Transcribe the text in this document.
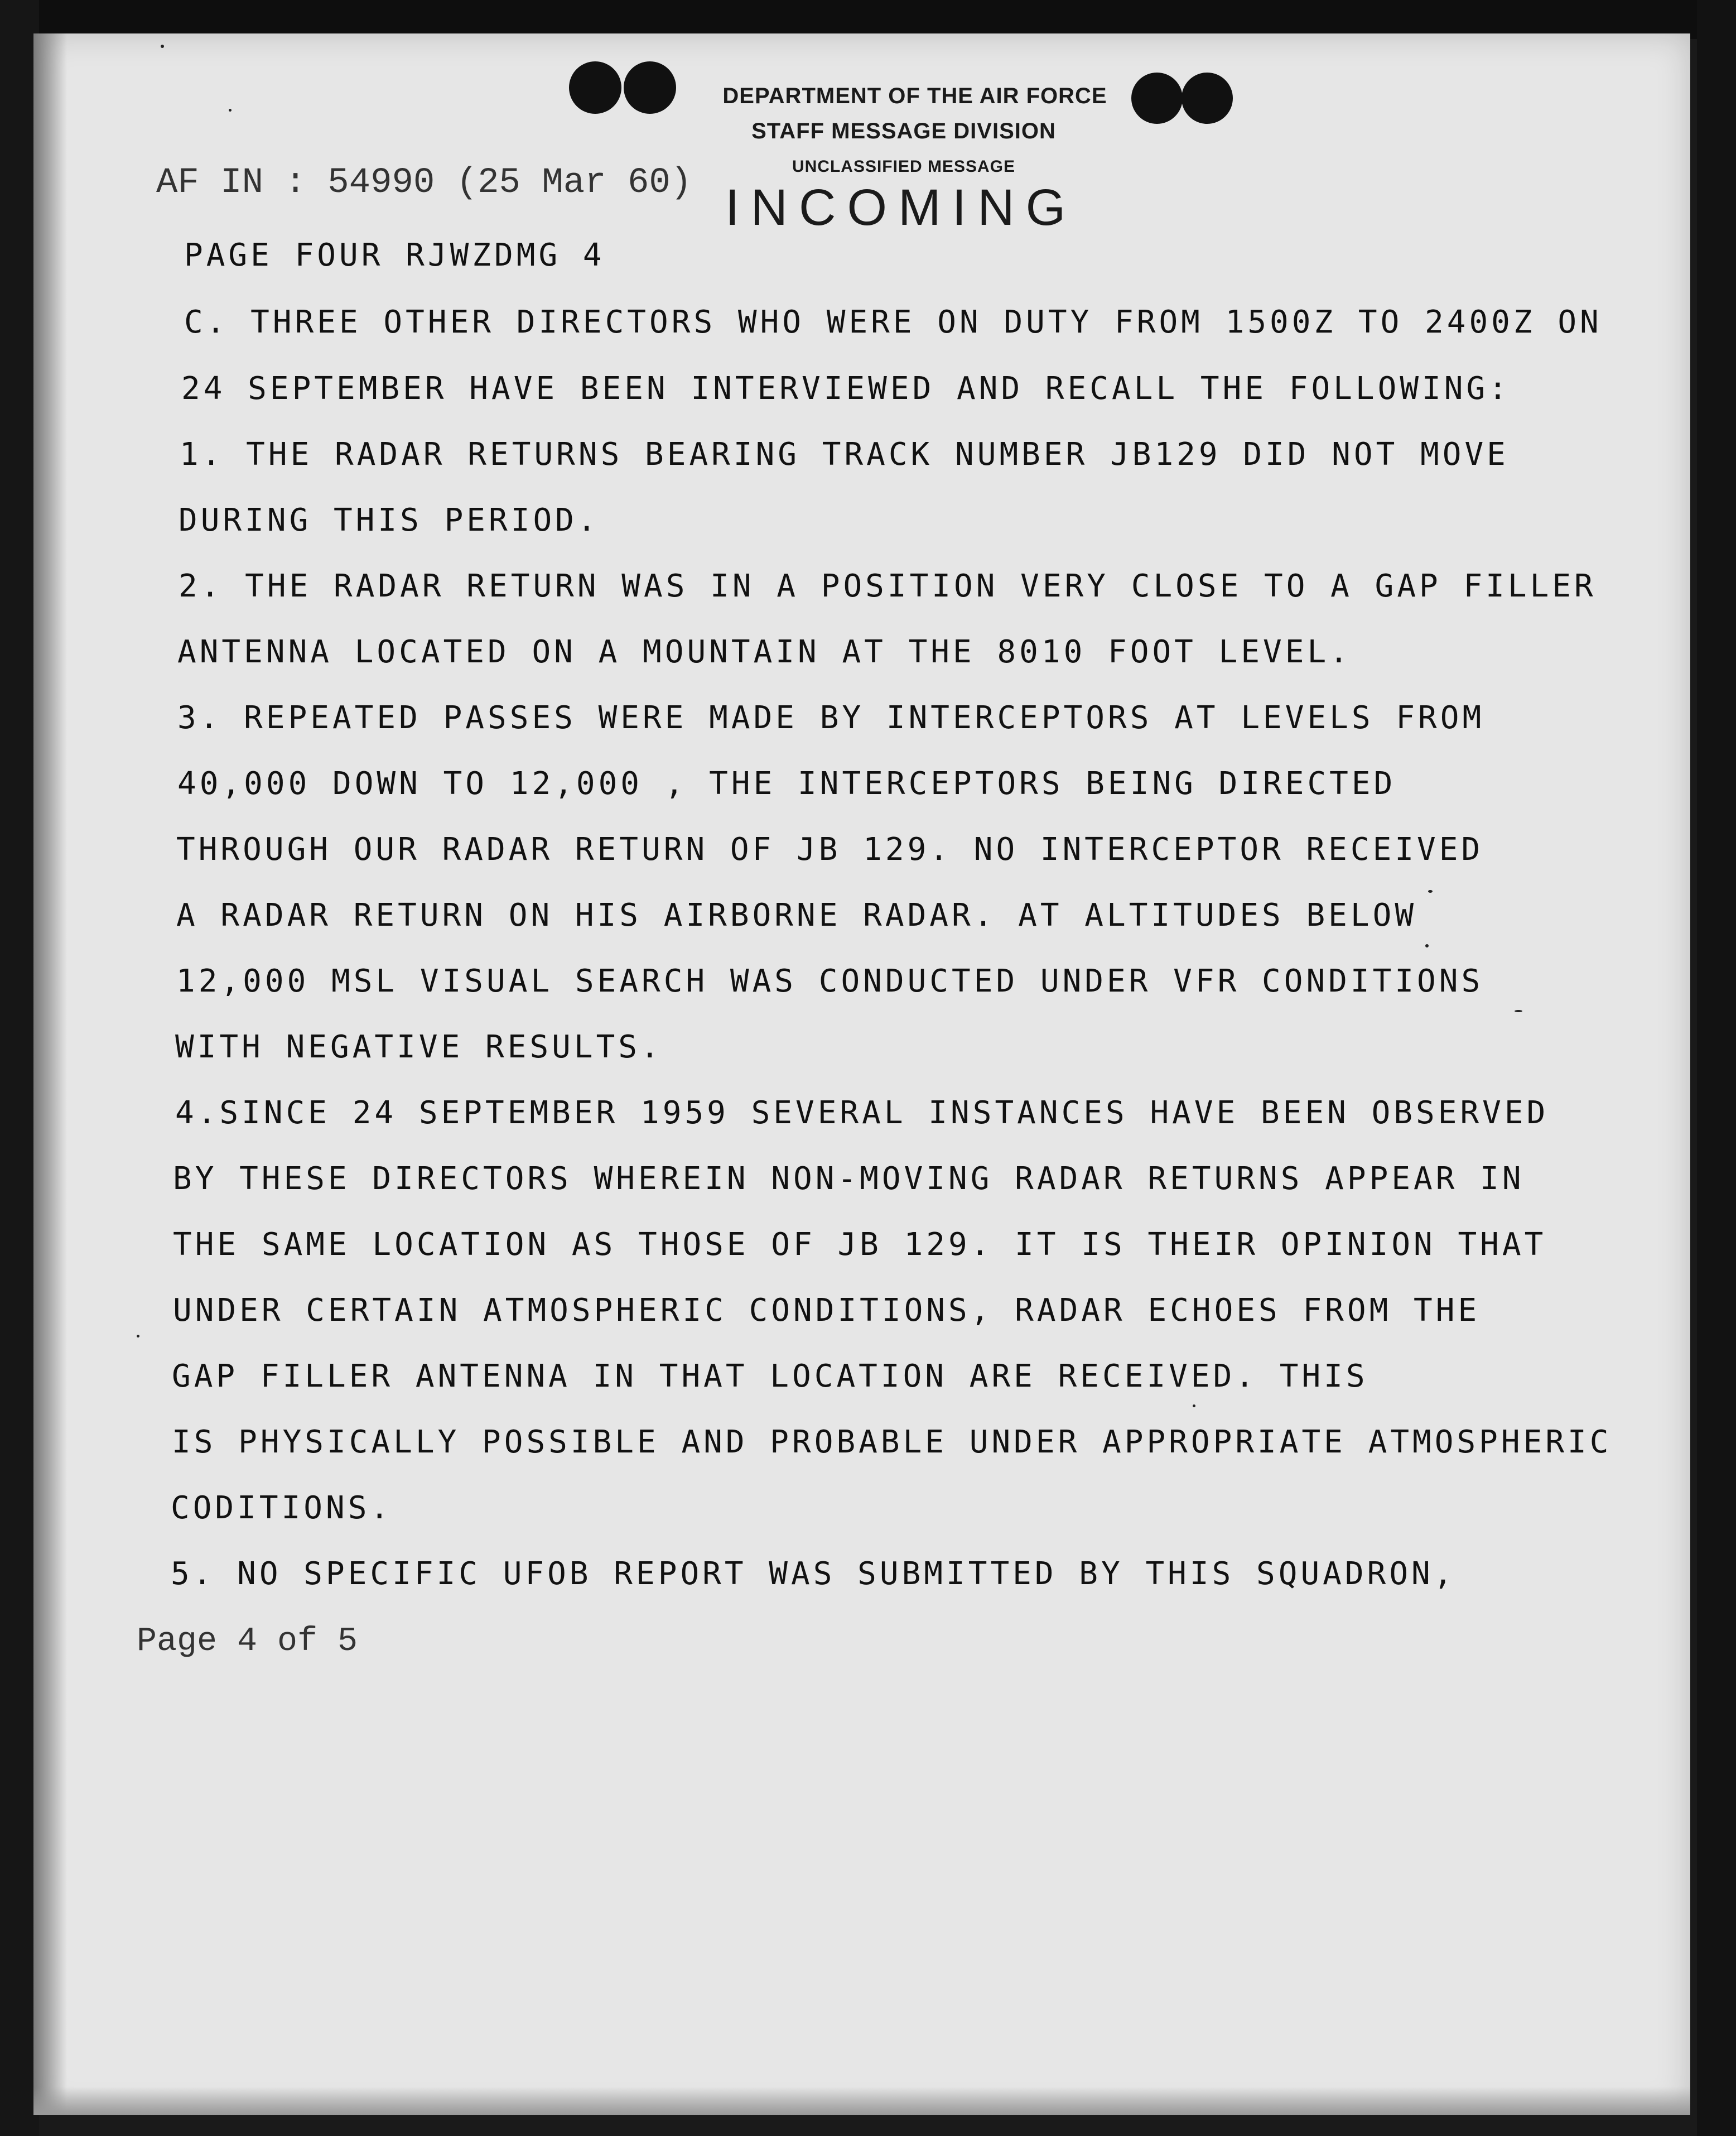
DEPARTMENT OF THE AIR FORCE
STAFF MESSAGE DIVISION
UNCLASSIFIED MESSAGE
INCOMING
AF IN : 54990 (25 Mar 60)
PAGE FOUR RJWZDMG 4
C. THREE OTHER DIRECTORS WHO WERE ON DUTY FROM 1500Z TO 2400Z ON
24 SEPTEMBER HAVE BEEN INTERVIEWED AND RECALL THE FOLLOWING:
1. THE RADAR RETURNS BEARING TRACK NUMBER JB129 DID NOT MOVE
DURING THIS PERIOD.
2. THE RADAR RETURN WAS IN A POSITION VERY CLOSE TO A GAP FILLER
ANTENNA LOCATED ON A MOUNTAIN AT THE 8010 FOOT LEVEL.
3. REPEATED PASSES WERE MADE BY INTERCEPTORS AT LEVELS FROM
40,000 DOWN TO 12,000 , THE INTERCEPTORS BEING DIRECTED
THROUGH OUR RADAR RETURN OF JB 129. NO INTERCEPTOR RECEIVED
A RADAR RETURN ON HIS AIRBORNE RADAR. AT ALTITUDES BELOW
12,000 MSL VISUAL SEARCH WAS CONDUCTED UNDER VFR CONDITIONS
WITH NEGATIVE RESULTS.
4.SINCE 24 SEPTEMBER 1959 SEVERAL INSTANCES HAVE BEEN OBSERVED
BY THESE DIRECTORS WHEREIN NON-MOVING RADAR RETURNS APPEAR IN
THE SAME LOCATION AS THOSE OF JB 129. IT IS THEIR OPINION THAT
UNDER CERTAIN ATMOSPHERIC CONDITIONS, RADAR ECHOES FROM THE
GAP FILLER ANTENNA IN THAT LOCATION ARE RECEIVED. THIS
IS PHYSICALLY POSSIBLE AND PROBABLE UNDER APPROPRIATE ATMOSPHERIC
CODITIONS.
5. NO SPECIFIC UFOB REPORT WAS SUBMITTED BY THIS SQUADRON,
Page 4 of 5
